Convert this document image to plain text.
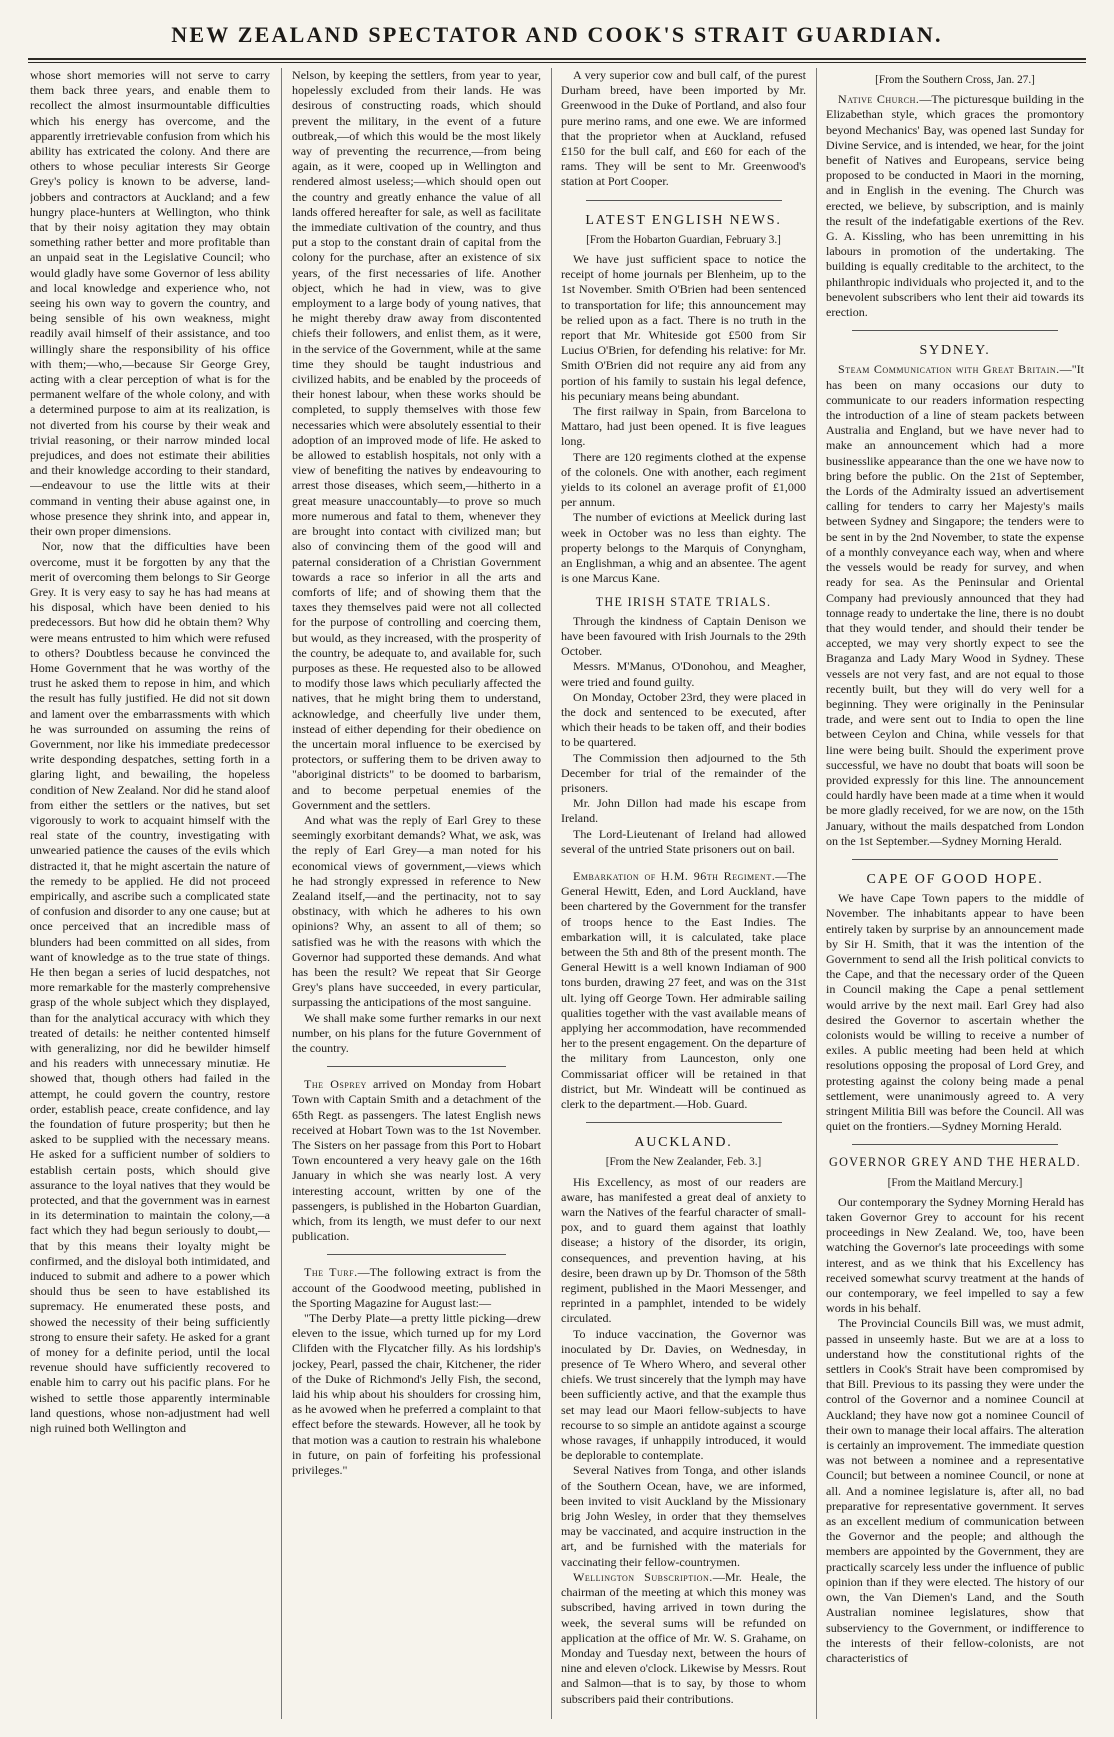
NEW ZEALAND SPECTATOR AND COOK'S STRAIT GUARDIAN.

whose short memories will not serve to carry them back three years, and enable them to recollect the almost insurmountable difficulties which his energy has overcome, and the apparently irretrievable confusion from which his ability has extricated the colony. And there are others to whose peculiar interests Sir George Grey's policy is known to be adverse, land-jobbers and contractors at Auckland; and a few hungry place-hunters at Wellington, who think that by their noisy agitation they may obtain something rather better and more profitable than an unpaid seat in the Legislative Council; who would gladly have some Governor of less ability and local knowledge and experience who, not seeing his own way to govern the country, and being sensible of his own weakness, might readily avail himself of their assistance, and too willingly share the responsibility of his office with them;—who,—because Sir George Grey, acting with a clear perception of what is for the permanent welfare of the whole colony, and with a determined purpose to aim at its realization, is not diverted from his course by their weak and trivial reasoning, or their narrow minded local prejudices, and does not estimate their abilities and their knowledge according to their standard,—endeavour to use the little wits at their command in venting their abuse against one, in whose presence they shrink into, and appear in, their own proper dimensions.

Nor, now that the difficulties have been overcome, must it be forgotten by any that the merit of overcoming them belongs to Sir George Grey. It is very easy to say he has had means at his disposal, which have been denied to his predecessors. But how did he obtain them? Why were means entrusted to him which were refused to others? Doubtless because he convinced the Home Government that he was worthy of the trust he asked them to repose in him, and which the result has fully justified. He did not sit down and lament over the embarrassments with which he was surrounded on assuming the reins of Government, nor like his immediate predecessor write desponding despatches, setting forth in a glaring light, and bewailing, the hopeless condition of New Zealand. Nor did he stand aloof from either the settlers or the natives, but set vigorously to work to acquaint himself with the real state of the country, investigating with unwearied patience the causes of the evils which distracted it, that he might ascertain the nature of the remedy to be applied. He did not proceed empirically, and ascribe such a complicated state of confusion and disorder to any one cause; but at once perceived that an incredible mass of blunders had been committed on all sides, from want of knowledge as to the true state of things. He then began a series of lucid despatches, not more remarkable for the masterly comprehensive grasp of the whole subject which they displayed, than for the analytical accuracy with which they treated of details: he neither contented himself with generalizing, nor did he bewilder himself and his readers with unnecessary minutiæ. He showed that, though others had failed in the attempt, he could govern the country, restore order, establish peace, create confidence, and lay the foundation of future prosperity; but then he asked to be supplied with the necessary means. He asked for a sufficient number of soldiers to establish certain posts, which should give assurance to the loyal natives that they would be protected, and that the government was in earnest in its determination to maintain the colony,—a fact which they had begun seriously to doubt,—that by this means their loyalty might be confirmed, and the disloyal both intimidated, and induced to submit and adhere to a power which should thus be seen to have established its supremacy. He enumerated these posts, and showed the necessity of their being sufficiently strong to ensure their safety. He asked for a grant of money for a definite period, until the local revenue should have sufficiently recovered to enable him to carry out his pacific plans. For he wished to settle those apparently interminable land questions, whose non-adjustment had well nigh ruined both Wellington and

Nelson, by keeping the settlers, from year to year, hopelessly excluded from their lands. He was desirous of constructing roads, which should prevent the military, in the event of a future outbreak,—of which this would be the most likely way of preventing the recurrence,—from being again, as it were, cooped up in Wellington and rendered almost useless;—which should open out the country and greatly enhance the value of all lands offered hereafter for sale, as well as facilitate the immediate cultivation of the country, and thus put a stop to the constant drain of capital from the colony for the purchase, after an existence of six years, of the first necessaries of life. Another object, which he had in view, was to give employment to a large body of young natives, that he might thereby draw away from discontented chiefs their followers, and enlist them, as it were, in the service of the Government, while at the same time they should be taught industrious and civilized habits, and be enabled by the proceeds of their honest labour, when these works should be completed, to supply themselves with those few necessaries which were absolutely essential to their adoption of an improved mode of life. He asked to be allowed to establish hospitals, not only with a view of benefiting the natives by endeavouring to arrest those diseases, which seem,—hitherto in a great measure unaccountably—to prove so much more numerous and fatal to them, whenever they are brought into contact with civilized man; but also of convincing them of the good will and paternal consideration of a Christian Government towards a race so inferior in all the arts and comforts of life; and of showing them that the taxes they themselves paid were not all collected for the purpose of controlling and coercing them, but would, as they increased, with the prosperity of the country, be adequate to, and available for, such purposes as these. He requested also to be allowed to modify those laws which peculiarly affected the natives, that he might bring them to understand, acknowledge, and cheerfully live under them, instead of either depending for their obedience on the uncertain moral influence to be exercised by protectors, or suffering them to be driven away to "aboriginal districts" to be doomed to barbarism, and to become perpetual enemies of the Government and the settlers.

And what was the reply of Earl Grey to these seemingly exorbitant demands? What, we ask, was the reply of Earl Grey—a man noted for his economical views of government,—views which he had strongly expressed in reference to New Zealand itself,—and the pertinacity, not to say obstinacy, with which he adheres to his own opinions? Why, an assent to all of them; so satisfied was he with the reasons with which the Governor had supported these demands. And what has been the result? We repeat that Sir George Grey's plans have succeeded, in every particular, surpassing the anticipations of the most sanguine.

We shall make some further remarks in our next number, on his plans for the future Government of the country.

The Osprey arrived on Monday from Hobart Town with Captain Smith and a detachment of the 65th Regt. as passengers. The latest English news received at Hobart Town was to the 1st November. The Sisters on her passage from this Port to Hobart Town encountered a very heavy gale on the 16th January in which she was nearly lost. A very interesting account, written by one of the passengers, is published in the Hobarton Guardian, which, from its length, we must defer to our next publication.

The Turf.—The following extract is from the account of the Goodwood meeting, published in the Sporting Magazine for August last:—

"The Derby Plate—a pretty little picking—drew eleven to the issue, which turned up for my Lord Clifden with the Flycatcher filly. As his lordship's jockey, Pearl, passed the chair, Kitchener, the rider of the Duke of Richmond's Jelly Fish, the second, laid his whip about his shoulders for crossing him, as he avowed when he preferred a complaint to that effect before the stewards. However, all he took by that motion was a caution to restrain his whalebone in future, on pain of forfeiting his professional privileges."

A very superior cow and bull calf, of the purest Durham breed, have been imported by Mr. Greenwood in the Duke of Portland, and also four pure merino rams, and one ewe. We are informed that the proprietor when at Auckland, refused £150 for the bull calf, and £60 for each of the rams. They will be sent to Mr. Greenwood's station at Port Cooper.

LATEST ENGLISH NEWS.
[From the Hobarton Guardian, February 3.]

We have just sufficient space to notice the receipt of home journals per Blenheim, up to the 1st November. Smith O'Brien had been sentenced to transportation for life; this announcement may be relied upon as a fact. There is no truth in the report that Mr. Whiteside got £500 from Sir Lucius O'Brien, for defending his relative: for Mr. Smith O'Brien did not require any aid from any portion of his family to sustain his legal defence, his pecuniary means being abundant.

The first railway in Spain, from Barcelona to Mattaro, had just been opened. It is five leagues long.

There are 120 regiments clothed at the expense of the colonels. One with another, each regiment yields to its colonel an average profit of £1,000 per annum.

The number of evictions at Meelick during last week in October was no less than eighty. The property belongs to the Marquis of Conyngham, an Englishman, a whig and an absentee. The agent is one Marcus Kane.

THE IRISH STATE TRIALS.

Through the kindness of Captain Denison we have been favoured with Irish Journals to the 29th October.

Messrs. M'Manus, O'Donohou, and Meagher, were tried and found guilty.

On Monday, October 23rd, they were placed in the dock and sentenced to be executed, after which their heads to be taken off, and their bodies to be quartered.

The Commission then adjourned to the 5th December for trial of the remainder of the prisoners.

Mr. John Dillon had made his escape from Ireland.

The Lord-Lieutenant of Ireland had allowed several of the untried State prisoners out on bail.

Embarkation of H.M. 96th Regiment.—The General Hewitt, Eden, and Lord Auckland, have been chartered by the Government for the transfer of troops hence to the East Indies. The embarkation will, it is calculated, take place between the 5th and 8th of the present month. The General Hewitt is a well known Indiaman of 900 tons burden, drawing 27 feet, and was on the 31st ult. lying off George Town. Her admirable sailing qualities together with the vast available means of applying her accommodation, have recommended her to the present engagement. On the departure of the military from Launceston, only one Commissariat officer will be retained in that district, but Mr. Windeatt will be continued as clerk to the department.—Hob. Guard.

AUCKLAND.
[From the New Zealander, Feb. 3.]

His Excellency, as most of our readers are aware, has manifested a great deal of anxiety to warn the Natives of the fearful character of small-pox, and to guard them against that loathly disease; a history of the disorder, its origin, consequences, and prevention having, at his desire, been drawn up by Dr. Thomson of the 58th regiment, published in the Maori Messenger, and reprinted in a pamphlet, intended to be widely circulated.

To induce vaccination, the Governor was inoculated by Dr. Davies, on Wednesday, in presence of Te Whero Whero, and several other chiefs. We trust sincerely that the lymph may have been sufficiently active, and that the example thus set may lead our Maori fellow-subjects to have recourse to so simple an antidote against a scourge whose ravages, if unhappily introduced, it would be deplorable to contemplate.

Several Natives from Tonga, and other islands of the Southern Ocean, have, we are informed, been invited to visit Auckland by the Missionary brig John Wesley, in order that they themselves may be vaccinated, and acquire instruction in the art, and be furnished with the materials for vaccinating their fellow-countrymen.

Wellington Subscription.—Mr. Heale, the chairman of the meeting at which this money was subscribed, having arrived in town during the week, the several sums will be refunded on application at the office of Mr. W. S. Grahame, on Monday and Tuesday next, between the hours of nine and eleven o'clock. Likewise by Messrs. Rout and Salmon—that is to say, by those to whom subscribers paid their contributions.

[From the Southern Cross, Jan. 27.]

Native Church.—The picturesque building in the Elizabethan style, which graces the promontory beyond Mechanics' Bay, was opened last Sunday for Divine Service, and is intended, we hear, for the joint benefit of Natives and Europeans, service being proposed to be conducted in Maori in the morning, and in English in the evening. The Church was erected, we believe, by subscription, and is mainly the result of the indefatigable exertions of the Rev. G. A. Kissling, who has been unremitting in his labours in promotion of the undertaking. The building is equally creditable to the architect, to the philanthropic individuals who projected it, and to the benevolent subscribers who lent their aid towards its erection.

SYDNEY.

Steam Communication with Great Britain.—"It has been on many occasions our duty to communicate to our readers information respecting the introduction of a line of steam packets between Australia and England, but we have never had to make an announcement which had a more businesslike appearance than the one we have now to bring before the public. On the 21st of September, the Lords of the Admiralty issued an advertisement calling for tenders to carry her Majesty's mails between Sydney and Singapore; the tenders were to be sent in by the 2nd November, to state the expense of a monthly conveyance each way, when and where the vessels would be ready for survey, and when ready for sea. As the Peninsular and Oriental Company had previously announced that they had tonnage ready to undertake the line, there is no doubt that they would tender, and should their tender be accepted, we may very shortly expect to see the Braganza and Lady Mary Wood in Sydney. These vessels are not very fast, and are not equal to those recently built, but they will do very well for a beginning. They were originally in the Peninsular trade, and were sent out to India to open the line between Ceylon and China, while vessels for that line were being built. Should the experiment prove successful, we have no doubt that boats will soon be provided expressly for this line. The announcement could hardly have been made at a time when it would be more gladly received, for we are now, on the 15th January, without the mails despatched from London on the 1st September.—Sydney Morning Herald.

CAPE OF GOOD HOPE.

We have Cape Town papers to the middle of November. The inhabitants appear to have been entirely taken by surprise by an announcement made by Sir H. Smith, that it was the intention of the Government to send all the Irish political convicts to the Cape, and that the necessary order of the Queen in Council making the Cape a penal settlement would arrive by the next mail. Earl Grey had also desired the Governor to ascertain whether the colonists would be willing to receive a number of exiles. A public meeting had been held at which resolutions opposing the proposal of Lord Grey, and protesting against the colony being made a penal settlement, were unanimously agreed to. A very stringent Militia Bill was before the Council. All was quiet on the frontiers.—Sydney Morning Herald.

GOVERNOR GREY AND THE HERALD.
[From the Maitland Mercury.]

Our contemporary the Sydney Morning Herald has taken Governor Grey to account for his recent proceedings in New Zealand. We, too, have been watching the Governor's late proceedings with some interest, and as we think that his Excellency has received somewhat scurvy treatment at the hands of our contemporary, we feel impelled to say a few words in his behalf.

The Provincial Councils Bill was, we must admit, passed in unseemly haste. But we are at a loss to understand how the constitutional rights of the settlers in Cook's Strait have been compromised by that Bill. Previous to its passing they were under the control of the Governor and a nominee Council at Auckland; they have now got a nominee Council of their own to manage their local affairs. The alteration is certainly an improvement. The immediate question was not between a nominee and a representative Council; but between a nominee Council, or none at all. And a nominee legislature is, after all, no bad preparative for representative government. It serves as an excellent medium of communication between the Governor and the people; and although the members are appointed by the Government, they are practically scarcely less under the influence of public opinion than if they were elected. The history of our own, the Van Diemen's Land, and the South Australian nominee legislatures, show that subserviency to the Government, or indifference to the interests of their fellow-colonists, are not characteristics of
